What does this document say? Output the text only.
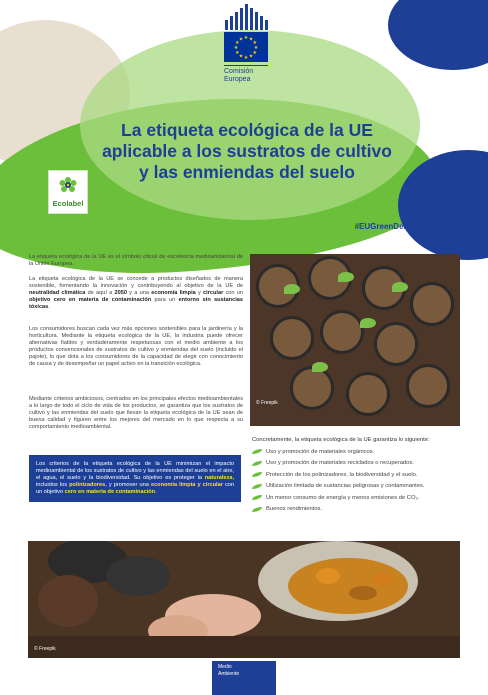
★ ★
★
★
★
★
★
★
★
★
★
★
Comisión Europea
La etiqueta ecológica de la UE
aplicable a los sustratos de cultivo
y las enmiendas del suelo
Ecolabel
Julio de 2022
#EUGreenDeal #EUecolabel

La etiqueta ecológica de la UE es el símbolo oficial de excelencia medioambiental de la Unión Europea.

La etiqueta ecológica de la UE se concede a productos diseñados de manera sostenible, fomentando la innovación y contribuyendo al objetivo de la UE de neutralidad climática de aquí a 2050 y a una economía limpia y circular con un objetivo cero en materia de contaminación para un entorno sin sustancias tóxicas.

Los consumidores buscan cada vez más opciones sostenibles para la jardinería y la horticultura. Mediante la etiqueta ecológica de la UE, la industria puede ofrecer alternativas fiables y verdaderamente respetuosas con el medio ambiente a los productos convencionales de sustratos de cultivo y enmiendas del suelo (incluido el pajote), lo que dota a los consumidores de la capacidad de elegir con conocimiento de causa y de desempeñar un papel activo en la transición ecológica.

Mediante criterios ambiciosos, centrados en los principales efectos medioambientales a lo largo de todo el ciclo de vida de los productos, se garantiza que los sustratos de cultivo y las enmiendas del suelo que llevan la etiqueta ecológica de la UE sean de buena calidad y figuren entre los mejores del mercado en lo que respecta a su comportamiento medioambiental.

© Freepik
Los criterios de la etiqueta ecológica de la UE minimizan el impacto medioambiental de los sustratos de cultivo y las enmiendas del suelo en el aire, el agua, el suelo y la biodiversidad. Su objetivo es proteger la naturaleza, incluidos los polinizadores, y promover una economía limpia y circular con un objetivo cero en materia de contaminación.
Concretamente, la etiqueta ecológica de la UE garantiza lo siguiente:
Uso y promoción de materiales orgánicos.
Uso y promoción de materiales reciclados o recuperados.
Protección de los polinizadores, la biodiversidad y el suelo.
Utilización limitada de sustancias peligrosas y contaminantes.
Un menor consumo de energía y menos emisiones de CO₂.
Buenos rendimientos.
© Freepik
Medio
Ambiente
